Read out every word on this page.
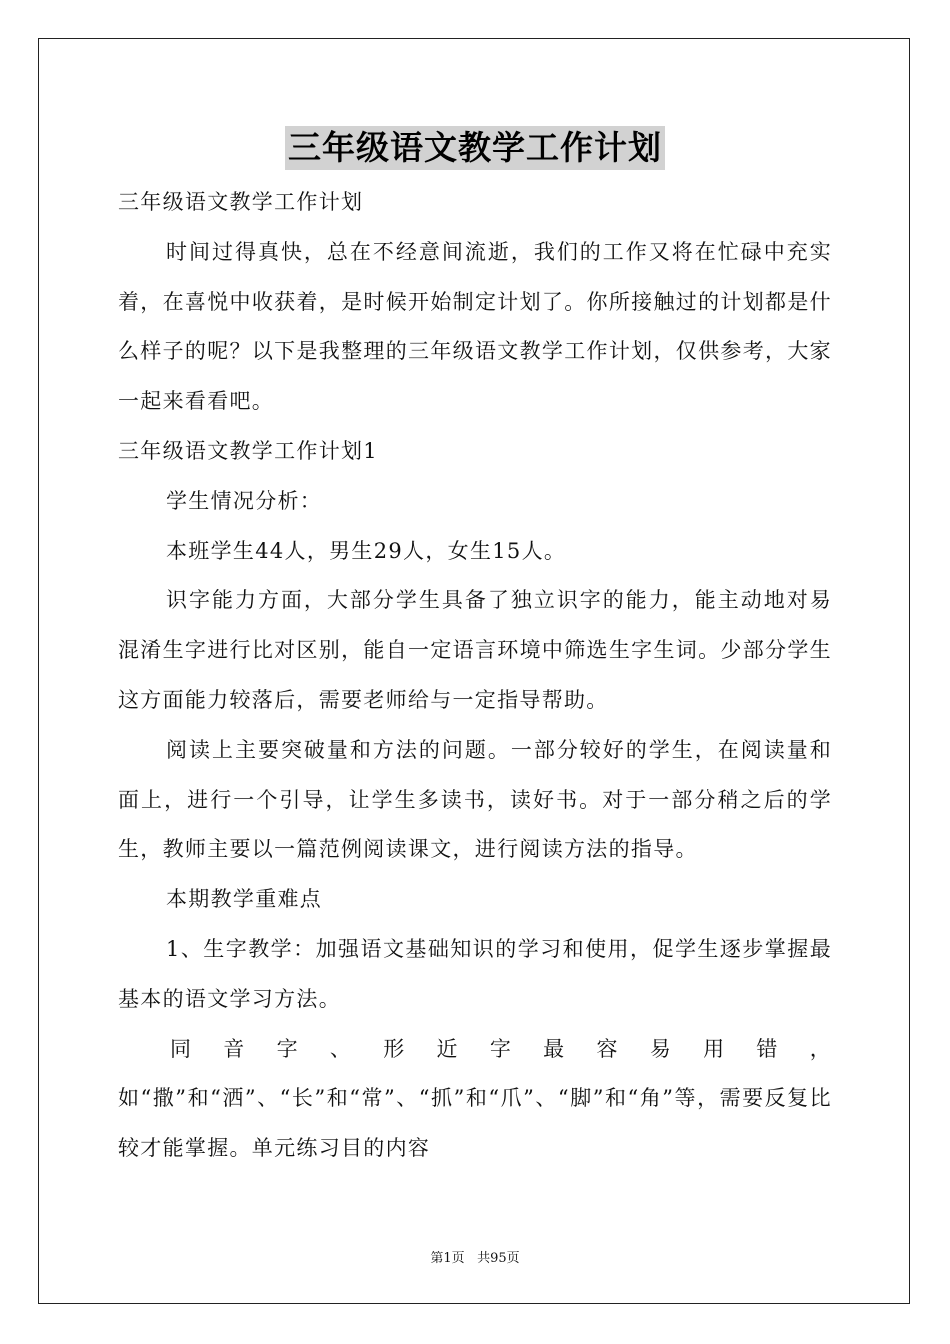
三年级语文教学工作计划

三年级语文教学工作计划

时间过得真快，总在不经意间流逝，我们的工作又将在忙碌中充实着，在喜悦中收获着，是时候开始制定计划了。你所接触过的计划都是什么样子的呢？以下是我整理的三年级语文教学工作计划，仅供参考，大家一起来看看吧。

三年级语文教学工作计划1

学生情况分析：

本班学生44人，男生29人，女生15人。

识字能力方面，大部分学生具备了独立识字的能力，能主动地对易混淆生字进行比对区别，能自一定语言环境中筛选生字生词。少部分学生这方面能力较落后，需要老师给与一定指导帮助。

阅读上主要突破量和方法的问题。一部分较好的学生，在阅读量和面上，进行一个引导，让学生多读书，读好书。对于一部分稍之后的学生，教师主要以一篇范例阅读课文，进行阅读方法的指导。

本期教学重难点

1、生字教学：加强语文基础知识的学习和使用，促学生逐步掌握最基本的语文学习方法。

同音字、形近字最容易用错，如“撒”和“洒”、“长”和“常”、“抓”和“爪”、“脚”和“角”等，需要反复比较才能掌握。单元练习目的内容

第1页 共95页
